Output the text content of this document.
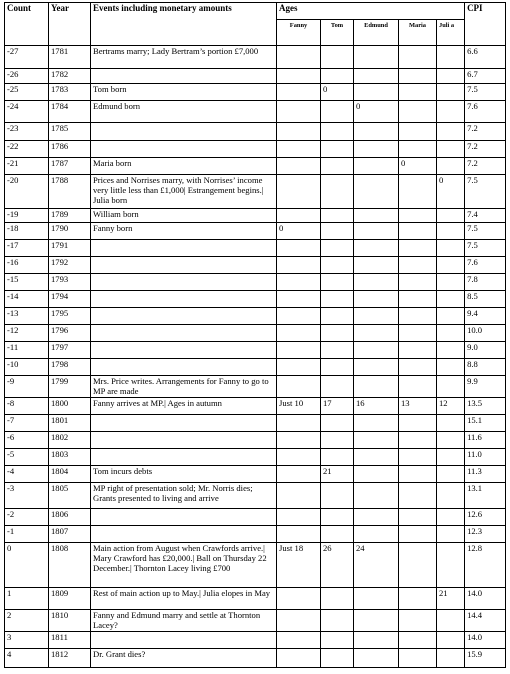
Count	Year	Events including monetary amounts	Ages					CPI
			Fanny	Tom	Edmund	Maria	Juli a	
-27	1781	Bertrams marry; Lady Bertram’s portion £7,000						6.6
-26	1782							6.7
-25	1783	Tom born		0				7.5
-24	1784	Edmund born			0			7.6
-23	1785							7.2
-22	1786							7.2
-21	1787	Maria born				0		7.2
-20	1788	Prices and Norrises marry, with Norrises’ income very little less than £1,000| Estrangement begins.| Julia born					0	7.5
-19	1789	William born						7.4
-18	1790	Fanny born	0					7.5
-17	1791							7.5
-16	1792							7.6
-15	1793							7.8
-14	1794							8.5
-13	1795							9.4
-12	1796							10.0
-11	1797							9.0
-10	1798							8.8
-9	1799	Mrs. Price writes. Arrangements for Fanny to go to MP are made						9.9
-8	1800	Fanny arrives at MP.| Ages in autumn	Just 10	17	16	13	12	13.5
-7	1801							15.1
-6	1802							11.6
-5	1803							11.0
-4	1804	Tom incurs debts		21				11.3
-3	1805	MP right of presentation sold; Mr. Norris dies; Grants presented to living and arrive						13.1
-2	1806							12.6
-1	1807							12.3
0	1808	Main action from August when Crawfords arrive.| Mary Crawford has £20,000.| Ball on Thursday 22 December.| Thornton Lacey living £700	Just 18	26	24			12.8
1	1809	Rest of main action up to May.| Julia elopes in May					21	14.0
2	1810	Fanny and Edmund marry and settle at Thornton Lacey?						14.4
3	1811							14.0
4	1812	Dr. Grant dies?						15.9
